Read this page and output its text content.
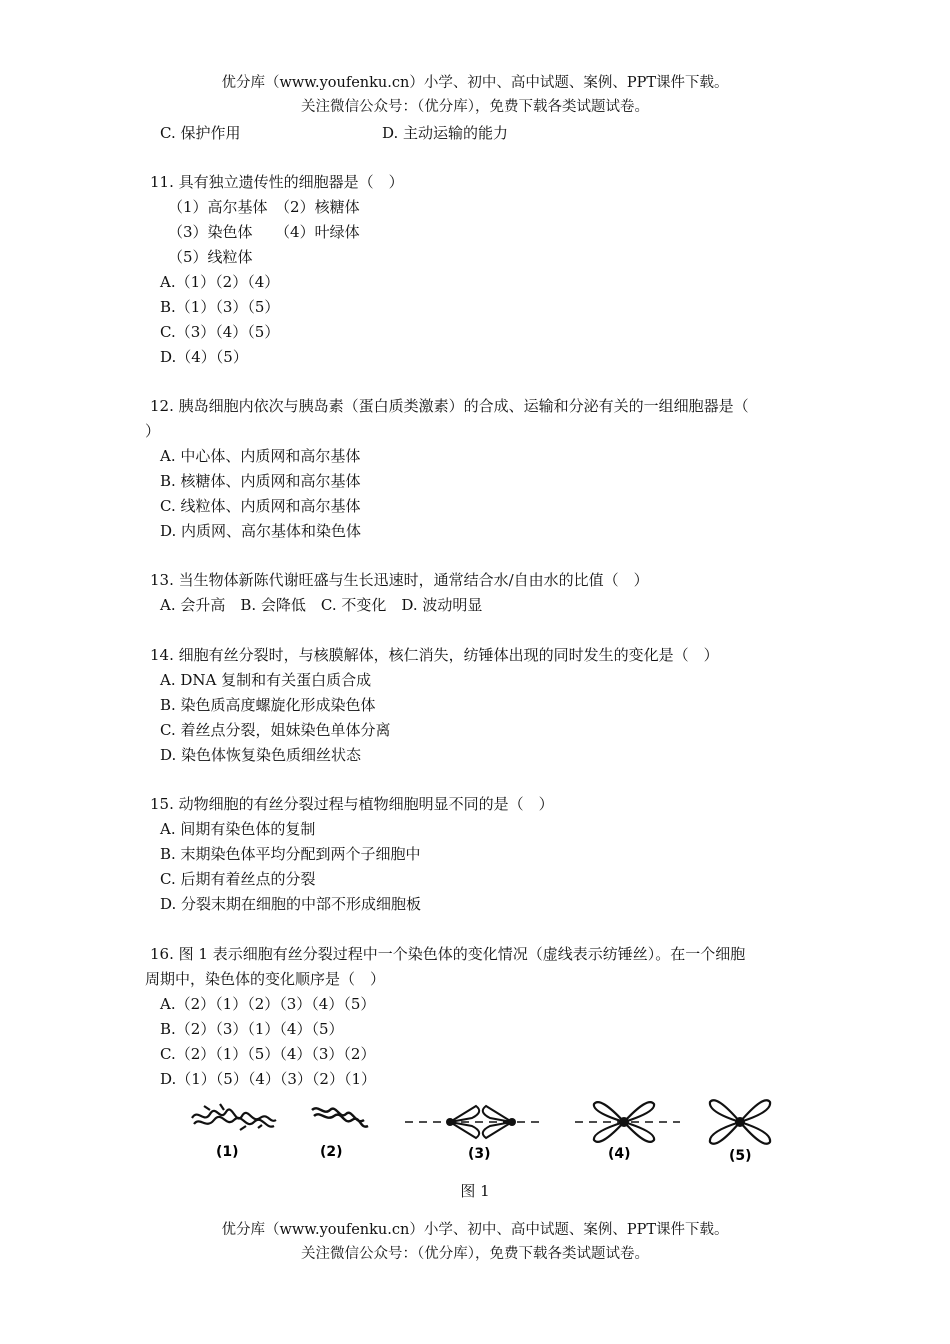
优分库（www.youfenku.cn）小学、初中、高中试题、案例、PPT课件下载。
关注微信公众号：（优分库），免费下载各类试题试卷。
C. 保护作用	D. 主动运输的能力
11. 具有独立遗传性的细胞器是（　）
（1）高尔基体　（2）核糖体
（3）染色体　　（4）叶绿体
（5）线粒体
A.（1）（2）（4）
B.（1）（3）（5）
C.（3）（4）（5）
D.（4）（5）
12. 胰岛细胞内依次与胰岛素（蛋白质类激素）的合成、运输和分泌有关的一组细胞器是（
）
A. 中心体、内质网和高尔基体
B. 核糖体、内质网和高尔基体
C. 线粒体、内质网和高尔基体
D. 内质网、高尔基体和染色体
13. 当生物体新陈代谢旺盛与生长迅速时，通常结合水/自由水的比值（　）
A. 会升高　B. 会降低　C. 不变化　D. 波动明显
14. 细胞有丝分裂时，与核膜解体，核仁消失，纺锤体出现的同时发生的变化是（　）
A. DNA 复制和有关蛋白质合成
B. 染色质高度螺旋化形成染色体
C. 着丝点分裂，姐妹染色单体分离
D. 染色体恢复染色质细丝状态
15. 动物细胞的有丝分裂过程与植物细胞明显不同的是（　）
A. 间期有染色体的复制
B. 末期染色体平均分配到两个子细胞中
C. 后期有着丝点的分裂
D. 分裂末期在细胞的中部不形成细胞板
16. 图 1 表示细胞有丝分裂过程中一个染色体的变化情况（虚线表示纺锤丝）。在一个细胞
周期中，染色体的变化顺序是（　）
A.（2）（1）（2）（3）（4）（5）
B.（2）（3）（1）（4）（5）
C.（2）（1）（5）（4）（3）（2）
D.（1）（5）（4）（3）（2）（1）
(1)	(2)	(3)	(4)	(5)
图 1
优分库（www.youfenku.cn）小学、初中、高中试题、案例、PPT课件下载。
关注微信公众号：（优分库），免费下载各类试题试卷。
